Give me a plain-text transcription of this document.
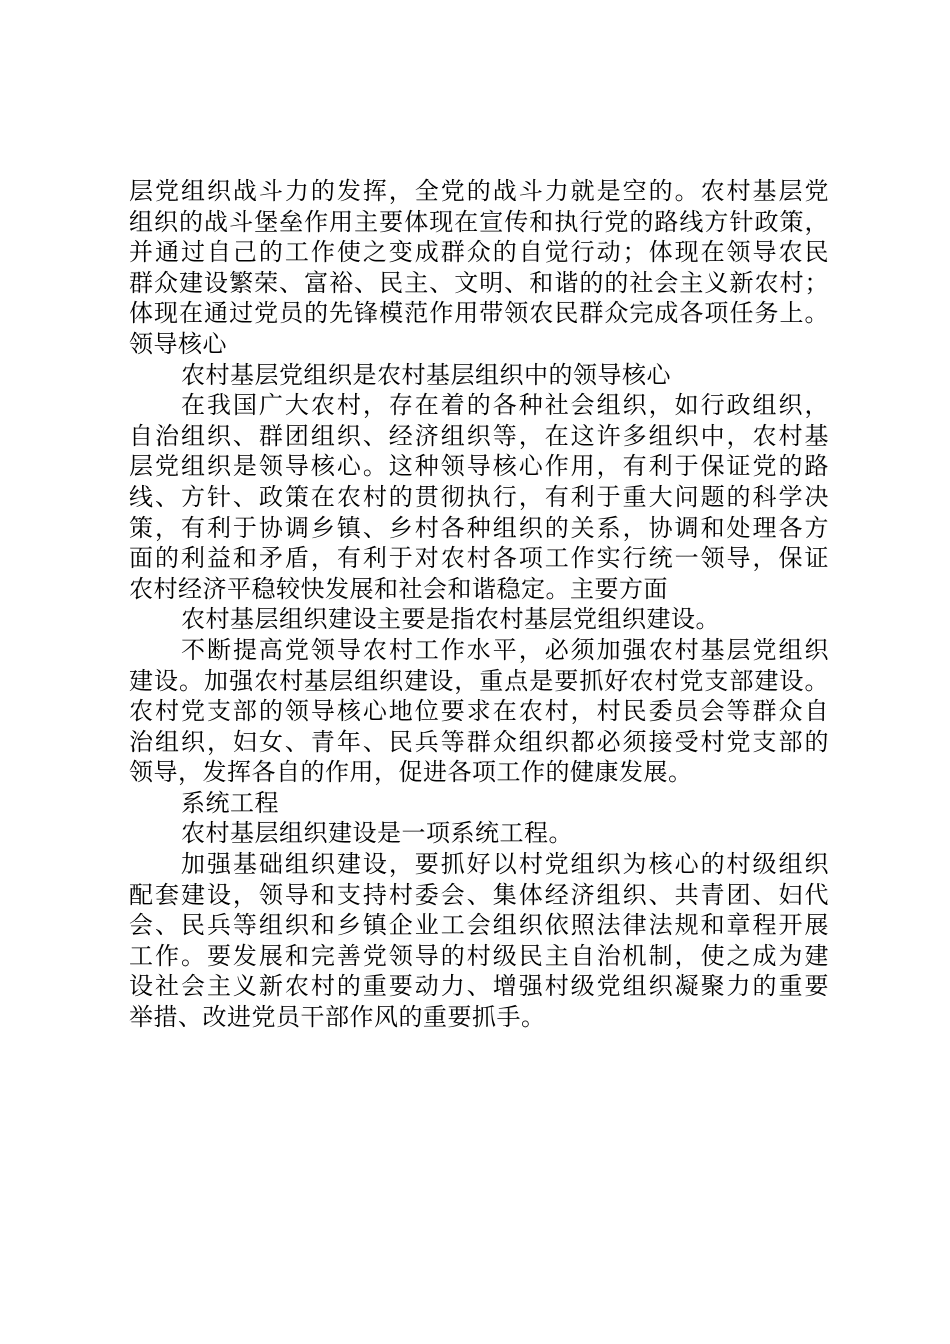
层党组织战斗力的发挥，全党的战斗力就是空的。农村基层党
组织的战斗堡垒作用主要体现在宣传和执行党的路线方针政策，
并通过自己的工作使之变成群众的自觉行动；体现在领导农民
群众建设繁荣、富裕、民主、文明、和谐的的社会主义新农村；
体现在通过党员的先锋模范作用带领农民群众完成各项任务上。
领导核心
农村基层党组织是农村基层组织中的领导核心
在我国广大农村，存在着的各种社会组织，如行政组织，
自治组织、群团组织、经济组织等，在这许多组织中，农村基
层党组织是领导核心。这种领导核心作用，有利于保证党的路
线、方针、政策在农村的贯彻执行，有利于重大问题的科学决
策，有利于协调乡镇、乡村各种组织的关系，协调和处理各方
面的利益和矛盾，有利于对农村各项工作实行统一领导，保证
农村经济平稳较快发展和社会和谐稳定。主要方面
农村基层组织建设主要是指农村基层党组织建设。
不断提高党领导农村工作水平，必须加强农村基层党组织
建设。加强农村基层组织建设，重点是要抓好农村党支部建设。
农村党支部的领导核心地位要求在农村，村民委员会等群众自
治组织，妇女、青年、民兵等群众组织都必须接受村党支部的
领导，发挥各自的作用，促进各项工作的健康发展。
系统工程
农村基层组织建设是一项系统工程。
加强基础组织建设，要抓好以村党组织为核心的村级组织
配套建设，领导和支持村委会、集体经济组织、共青团、妇代
会、民兵等组织和乡镇企业工会组织依照法律法规和章程开展
工作。要发展和完善党领导的村级民主自治机制，使之成为建
设社会主义新农村的重要动力、增强村级党组织凝聚力的重要
举措、改进党员干部作风的重要抓手。
